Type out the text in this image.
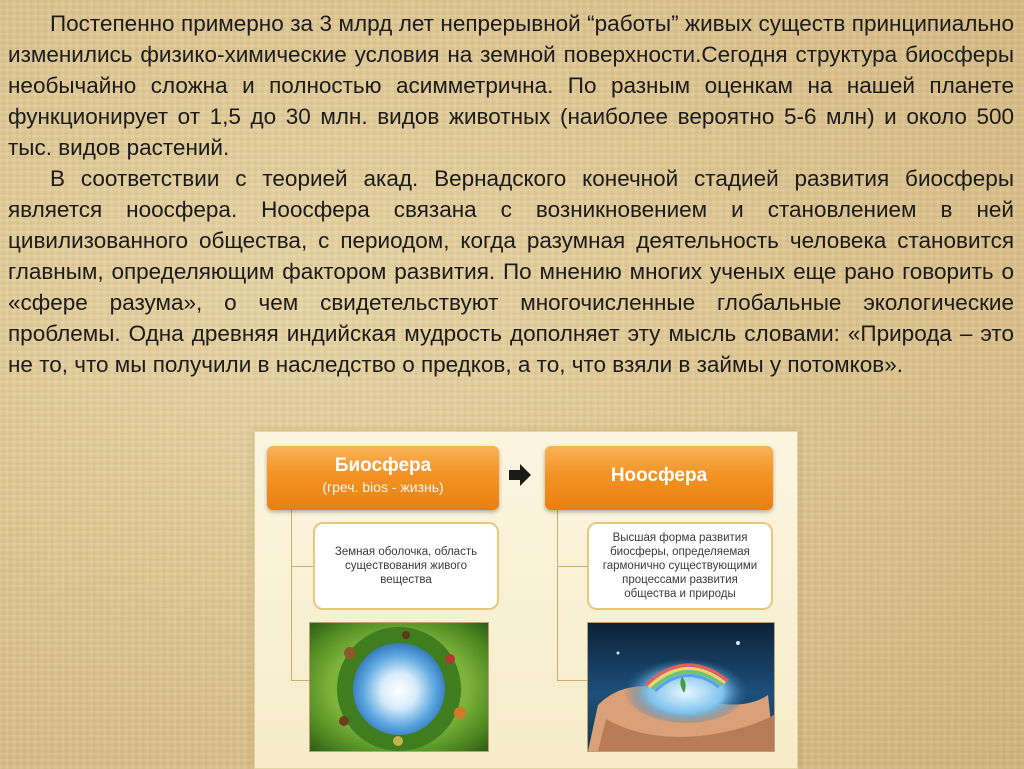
Постепенно примерно за 3 млрд лет непрерывной “работы” живых существ принципиально изменились физико-химические условия на земной поверхности.Сегодня структура биосферы необычайно сложна и полностью асимметрична. По разным оценкам на нашей планете функционирует от 1,5 до 30 млн. видов животных (наиболее вероятно 5-6 млн) и около 500 тыс. видов растений.

В соответствии с теорией акад. Вернадского конечной стадией развития биосферы является ноосфера. Ноосфера связана с возникновением и становлением в ней цивилизованного общества, с периодом, когда разумная деятельность человека становится главным, определяющим фактором развития. По мнению многих ученых еще рано говорить о «сфере разума», о чем свидетельствуют многочисленные глобальные экологические проблемы. Одна древняя индийская мудрость дополняет эту мысль словами: «Природа – это не то, что мы получили в наследство о предков, а то, что взяли в займы у потомков».

Биосфера
(греч. bios - жизнь)
Ноосфера
Земная оболочка, область
существования живого
вещества
Высшая форма развития
биосферы, определяемая
гармонично существующими
процессами развития
общества и природы
